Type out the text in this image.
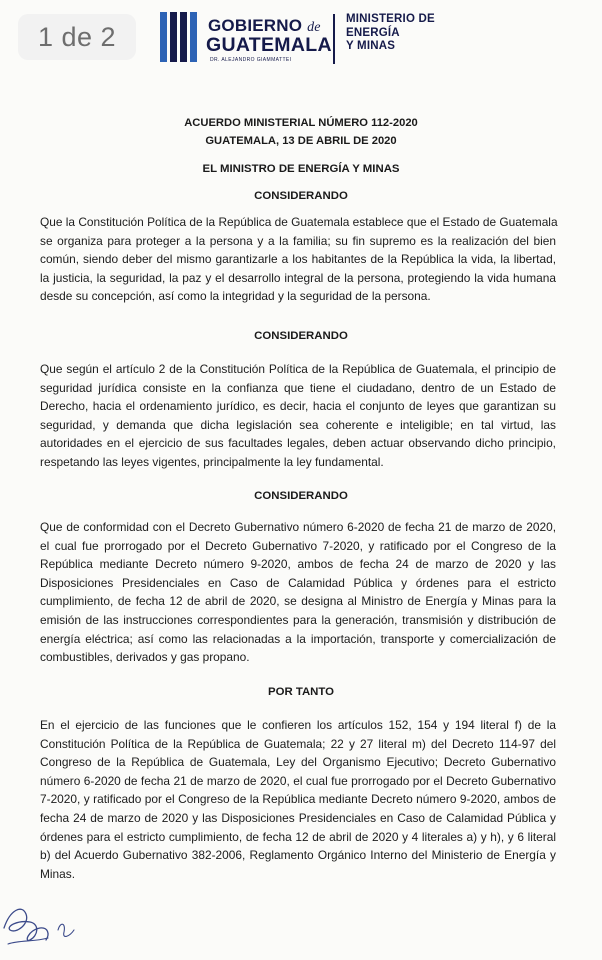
1 de 2	GOBIERNO de
GUATEMALA
DR. ALEJANDRO GIAMMATTEI
MINISTERIO DE
ENERGÍA
Y MINAS
ACUERDO MINISTERIAL NÚMERO 112-2020
GUATEMALA, 13 DE ABRIL DE 2020
EL MINISTRO DE ENERGÍA Y MINAS
CONSIDERANDO
Que la Constitución Política de la República de Guatemala establece que el Estado de Guatemala
se organiza para proteger a la persona y a la familia; su fin supremo es la realización del bien
común, siendo deber del mismo garantizarle a los habitantes de la República la vida, la libertad,
la justicia, la seguridad, la paz y el desarrollo integral de la persona, protegiendo la vida humana
desde su concepción, así como la integridad y la seguridad de la persona.
CONSIDERANDO
Que según el artículo 2 de la Constitución Política de la República de Guatemala, el principio de
seguridad jurídica consiste en la confianza que tiene el ciudadano, dentro de un Estado de
Derecho, hacia el ordenamiento jurídico, es decir, hacia el conjunto de leyes que garantizan su
seguridad, y demanda que dicha legislación sea coherente e inteligible; en tal virtud, las
autoridades en el ejercicio de sus facultades legales, deben actuar observando dicho principio,
respetando las leyes vigentes, principalmente la ley fundamental.
CONSIDERANDO
Que de conformidad con el Decreto Gubernativo número 6-2020 de fecha 21 de marzo de 2020,
el cual fue prorrogado por el Decreto Gubernativo 7-2020, y ratificado por el Congreso de la
República mediante Decreto número 9-2020, ambos de fecha 24 de marzo de 2020 y las
Disposiciones Presidenciales en Caso de Calamidad Pública y órdenes para el estricto
cumplimiento, de fecha 12 de abril de 2020, se designa al Ministro de Energía y Minas para la
emisión de las instrucciones correspondientes para la generación, transmisión y distribución de
energía eléctrica; así como las relacionadas a la importación, transporte y comercialización de
combustibles, derivados y gas propano.
POR TANTO
En el ejercicio de las funciones que le confieren los artículos 152, 154 y 194 literal f) de la
Constitución Política de la República de Guatemala; 22 y 27 literal m) del Decreto 114-97 del
Congreso de la República de Guatemala, Ley del Organismo Ejecutivo; Decreto Gubernativo
número 6-2020 de fecha 21 de marzo de 2020, el cual fue prorrogado por el Decreto Gubernativo
7-2020, y ratificado por el Congreso de la República mediante Decreto número 9-2020, ambos de
fecha 24 de marzo de 2020 y las Disposiciones Presidenciales en Caso de Calamidad Pública y
órdenes para el estricto cumplimiento, de fecha 12 de abril de 2020 y 4 literales a) y h), y 6 literal
b) del Acuerdo Gubernativo 382-2006, Reglamento Orgánico Interno del Ministerio de Energía y
Minas.
